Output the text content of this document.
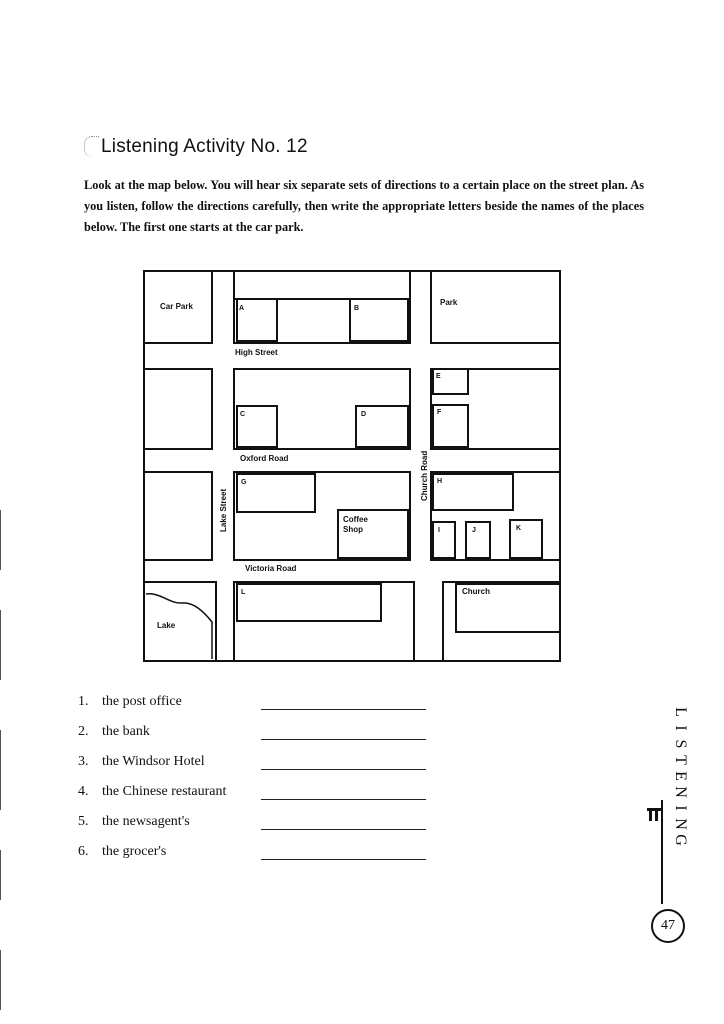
Listening Activity No. 12
Look at the map below. You will hear six separate sets of directions to a certain place on the street plan. As you listen, follow the directions carefully, then write the appropriate letters beside the names of the places below. The first one starts at the car park.
Car Park	Park
High Street
Oxford Road
Victoria Road
Lake Street
Church Road
Coffee
Shop
Church
Lake
A	B
C	D
E
F
G	H
I	J	K
L
1. the post office
2. the bank
3. the Windsor Hotel
4. the Chinese restaurant
5. the newsagent's
6. the grocer's
L
I
S
T
E
N
I
N
G
47
